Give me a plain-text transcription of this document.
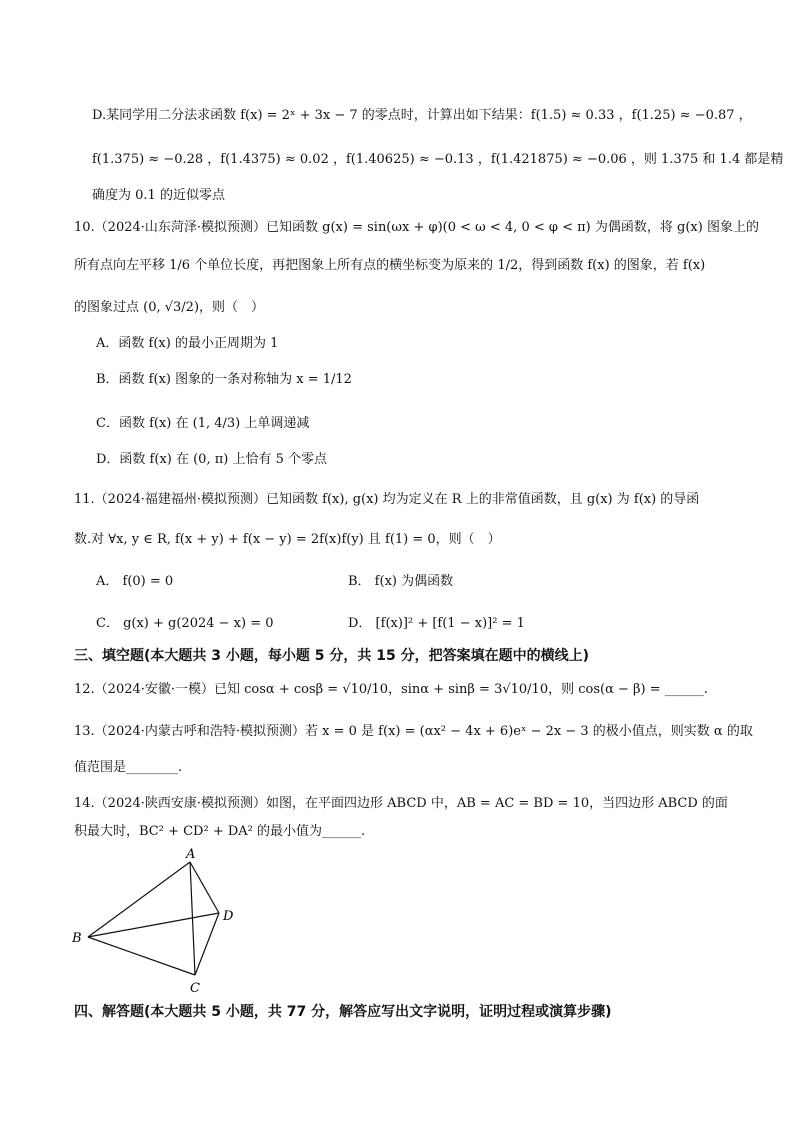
D.某同学用二分法求函数 f(x) = 2ˣ + 3x − 7 的零点时，计算出如下结果：f(1.5) ≈ 0.33 ，f(1.25) ≈ −0.87 ，
f(1.375) ≈ −0.28 ，f(1.4375) ≈ 0.02 ，f(1.40625) ≈ −0.13 ，f(1.421875) ≈ −0.06 ，则 1.375 和 1.4 都是精
确度为 0.1 的近似零点
10.（2024·山东菏泽·模拟预测）已知函数 g(x) = sin(ωx + φ)(0 < ω < 4, 0 < φ < π) 为偶函数，将 g(x) 图象上的
所有点向左平移 1/6 个单位长度，再把图象上所有点的横坐标变为原来的 1/2，得到函数 f(x) 的图象，若 f(x)
的图象过点 (0, √3/2)，则（　）
A．函数 f(x) 的最小正周期为 1
B．函数 f(x) 图象的一条对称轴为 x = 1/12
C．函数 f(x) 在 (1, 4/3) 上单调递减
D．函数 f(x) 在 (0, π) 上恰有 5 个零点
11.（2024·福建福州·模拟预测）已知函数 f(x), g(x) 均为定义在 R 上的非常值函数，且 g(x) 为 f(x) 的导函
数.对 ∀x, y ∈ R, f(x + y) + f(x − y) = 2f(x)f(y) 且 f(1) = 0，则（　）
A． f(0) = 0	B． f(x) 为偶函数
C． g(x) + g(2024 − x) = 0	D． [f(x)]² + [f(1 − x)]² = 1
三、填空题(本大题共 3 小题，每小题 5 分，共 15 分，把答案填在题中的横线上)
12.（2024·安徽·一模）已知 cosα + cosβ = √10/10，sinα + sinβ = 3√10/10，则 cos(α − β) = ______.
13.（2024·内蒙古呼和浩特·模拟预测）若 x = 0 是 f(x) = (αx² − 4x + 6)eˣ − 2x − 3 的极小值点，则实数 α 的取
值范围是________.
14.（2024·陕西安康·模拟预测）如图，在平面四边形 ABCD 中，AB = AC = BD = 10，当四边形 ABCD 的面
积最大时，BC² + CD² + DA² 的最小值为______.
A
B
C
D
四、解答题(本大题共 5 小题，共 77 分，解答应写出文字说明，证明过程或演算步骤)
